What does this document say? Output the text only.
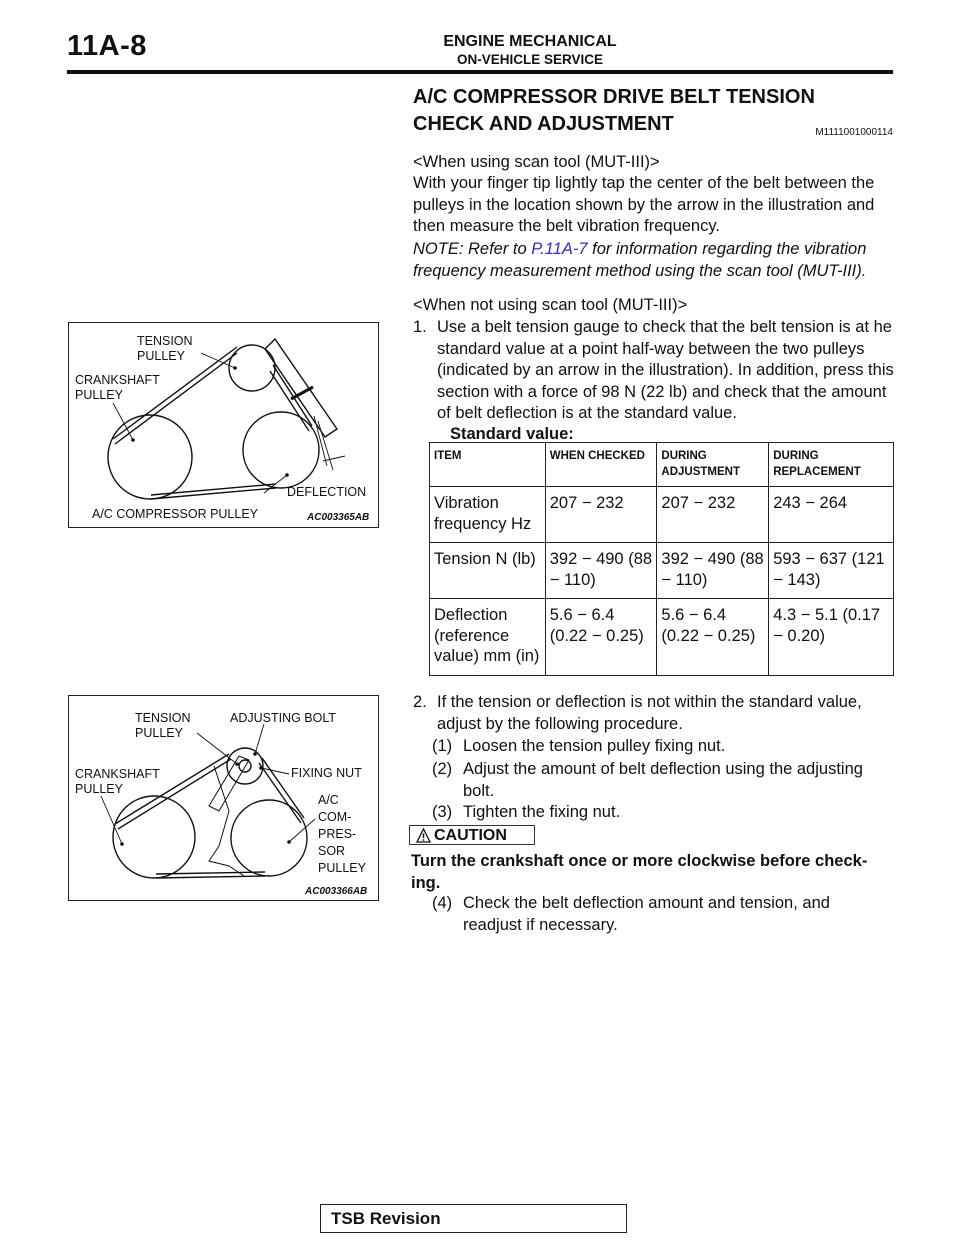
11A-8	ENGINE MECHANICAL
ON-VEHICLE SERVICE
A/C COMPRESSOR DRIVE BELT TENSION
CHECK AND ADJUSTMENT	M1111001000114
<When using scan tool (MUT-III)>
With your finger tip lightly tap the center of the belt between the pulleys in the location shown by the arrow in the illustration and then measure the belt vibration frequency.
NOTE: Refer to P.11A-7 for information regarding the vibration frequency measurement method using the scan tool (MUT-III).
<When not using scan tool (MUT-III)>
1. Use a belt tension gauge to check that the belt tension is at he standard value at a point half-way between the two pulleys (indicated by an arrow in the illustration). In addition, press this section with a force of 98 N (22 lb) and check that the amount of belt deflection is at the standard value.
Standard value:
ITEM	WHEN CHECKED	DURING ADJUSTMENT	DURING REPLACEMENT
Vibration frequency Hz	207 − 232	207 − 232	243 − 264
Tension N (lb)	392 − 490 (88 − 110)	392 − 490 (88 − 110)	593 − 637 (121 − 143)
Deflection (reference value) mm (in)	5.6 − 6.4 (0.22 − 0.25)	5.6 − 6.4 (0.22 − 0.25)	4.3 − 5.1 (0.17 − 0.20)
2. If the tension or deflection is not within the standard value, adjust by the following procedure.
(1) Loosen the tension pulley fixing nut.
(2) Adjust the amount of belt deflection using the adjusting bolt.
(3) Tighten the fixing nut.
CAUTION
Turn the crankshaft once or more clockwise before check-ing.
(4) Check the belt deflection amount and tension, and readjust if necessary.
TENSION
PULLEY
CRANKSHAFT
PULLEY
DEFLECTION
A/C COMPRESSOR PULLEY	AC003365AB
TENSION
PULLEY
ADJUSTING BOLT
FIXING NUT
CRANKSHAFT
PULLEY
A/C
COM-
PRES-
SOR
PULLEY
AC003366AB
TSB Revision
